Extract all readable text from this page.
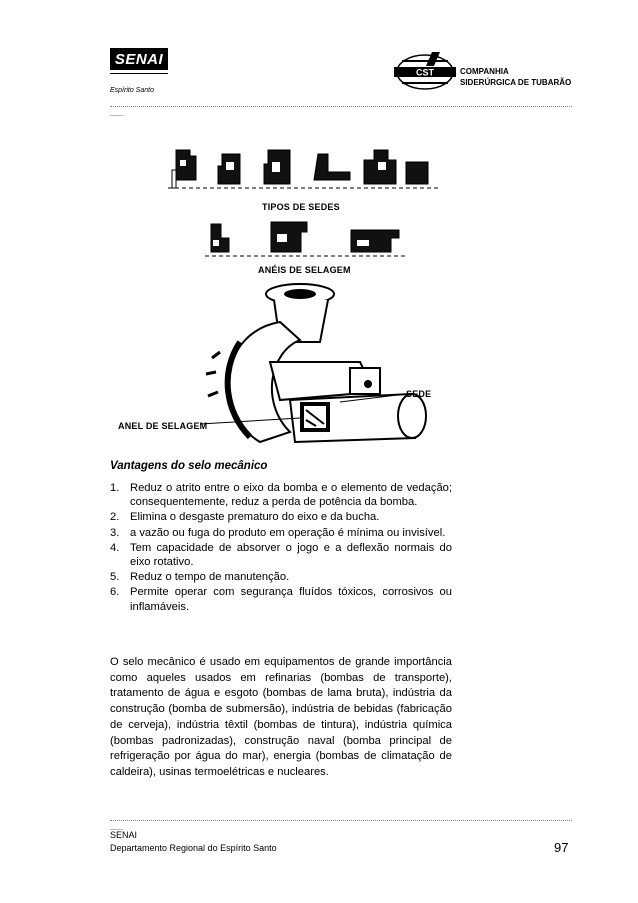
SENAI
Espírito Santo
CST	COMPANHIA
SIDERÚRGICA DE TUBARÃO
____
TIPOS DE SEDES
ANÉIS DE SELAGEM
SEDE
ANEL DE SELAGEM
Vantagens do selo mecânico
1. Reduz o atrito entre o eixo da bomba e o elemento de vedação; consequentemente, reduz a perda de potência da bomba.
2. Elimina o desgaste prematuro do eixo e da bucha.
3. a vazão ou fuga do produto em operação é mínima ou invisível.
4. Tem capacidade de absorver o jogo e a deflexão normais do eixo rotativo.
5. Reduz o tempo de manutenção.
6. Permite operar com segurança fluídos tóxicos, corrosivos ou inflamáveis.

O selo mecânico é usado em equipamentos de grande importância como aqueles usados em refinarias (bombas de transporte), tratamento de água e esgoto (bombas de lama bruta), indústria da construção (bomba de submersão), indústria de bebidas (fabricação de cerveja), indústria têxtil (bombas de tintura), indústria química (bombas padronizadas), construção naval (bomba principal de refrigeração por água do mar), energia (bombas de climatação de caldeira), usinas termoelétricas e nucleares.

____
SENAI
Departamento Regional do Espírito Santo	97
